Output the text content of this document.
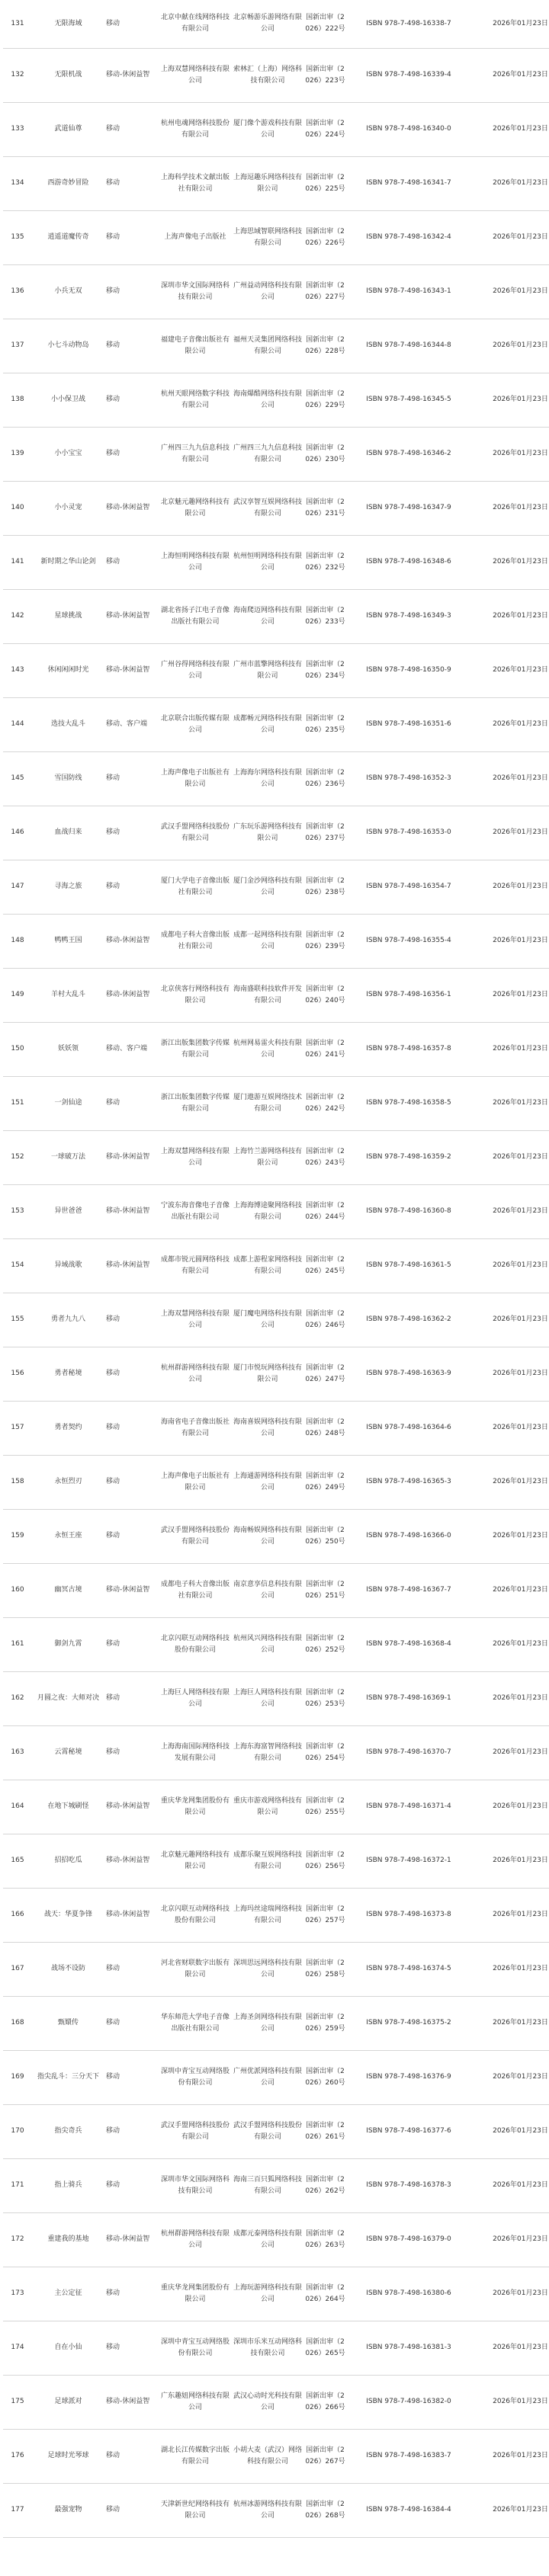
131	无限海域	移动	北京中献在线网络科技有限公司	北京畅游乐游网络有限公司	国新出审（2026）222号	ISBN 978-7-498-16338-7	2026年01月23日
132	无限机战	移动-休闲益智	上海双慧网络科技有限公司	索林汇（上海）网络科技有限公司	国新出审（2026）223号	ISBN 978-7-498-16339-4	2026年01月23日
133	武道仙尊	移动	杭州电魂网络科技股份有限公司	厦门像个游戏科技有限公司	国新出审（2026）224号	ISBN 978-7-498-16340-0	2026年01月23日
134	西游奇妙冒险	移动	上海科学技术文献出版社有限公司	上海逗趣乐网络科技有限公司	国新出审（2026）225号	ISBN 978-7-498-16341-7	2026年01月23日
135	逍遥道魔传奇	移动	上海声像电子出版社	上海思域智联网络科技有限公司	国新出审（2026）226号	ISBN 978-7-498-16342-4	2026年01月23日
136	小兵无双	移动	深圳市华文国际网络科技有限公司	广州益动网络科技有限公司	国新出审（2026）227号	ISBN 978-7-498-16343-1	2026年01月23日
137	小七斗动物岛	移动	福建电子音像出版社有限公司	福州天灵集团网络科技有限公司	国新出审（2026）228号	ISBN 978-7-498-16344-8	2026年01月23日
138	小小保卫战	移动	杭州天眼网络数字科技有限公司	海南爆酷网络科技有限公司	国新出审（2026）229号	ISBN 978-7-498-16345-5	2026年01月23日
139	小小宝宝	移动	广州四三九九信息科技有限公司	广州四三九九信息科技有限公司	国新出审（2026）230号	ISBN 978-7-498-16346-2	2026年01月23日
140	小小灵宠	移动-休闲益智	北京魅元趣网络科技有限公司	武汉享智互娱网络科技有限公司	国新出审（2026）231号	ISBN 978-7-498-16347-9	2026年01月23日
141	新时期之华山论剑	移动	上海恒明网络科技有限公司	杭州恒明网络科技有限公司	国新出审（2026）232号	ISBN 978-7-498-16348-6	2026年01月23日
142	星球挑战	移动-休闲益智	湖北省扬子江电子音像出版社有限公司	海南爬迈网络科技有限公司	国新出审（2026）233号	ISBN 978-7-498-16349-3	2026年01月23日
143	休闲闲闲时光	移动-休闲益智	广州谷得网络科技有限公司	广州市蓝擎网络科技有限公司	国新出审（2026）234号	ISBN 978-7-498-16350-9	2026年01月23日
144	选技大乱斗	移动、客户端	北京联合出版传媒有限公司	成都畅元网络科技有限公司	国新出审（2026）235号	ISBN 978-7-498-16351-6	2026年01月23日
145	雪国防线	移动	上海声像电子出版社有限公司	上海海尔网络科技有限公司	国新出审（2026）236号	ISBN 978-7-498-16352-3	2026年01月23日
146	血战归来	移动	武汉手盟网络科技股份有限公司	广东玩乐游网络科技有限公司	国新出审（2026）237号	ISBN 978-7-498-16353-0	2026年01月23日
147	寻海之旅	移动	厦门大学电子音像出版社有限公司	厦门金沙网络科技有限公司	国新出审（2026）238号	ISBN 978-7-498-16354-7	2026年01月23日
148	鸭鸭王国	移动-休闲益智	成都电子科大音像出版社有限公司	成都一起网络科技有限公司	国新出审（2026）239号	ISBN 978-7-498-16355-4	2026年01月23日
149	羊村大乱斗	移动-休闲益智	北京侠客行网络科技有限公司	海南盛联科技软件开发有限公司	国新出审（2026）240号	ISBN 978-7-498-16356-1	2026年01月23日
150	妖妖领	移动、客户端	浙江出版集团数字传媒有限公司	杭州网易雷火科技有限公司	国新出审（2026）241号	ISBN 978-7-498-16357-8	2026年01月23日
151	一剑仙途	移动	浙江出版集团数字传媒有限公司	厦门遨游互娱网络技术有限公司	国新出审（2026）242号	ISBN 978-7-498-16358-5	2026年01月23日
152	一球破万法	移动-休闲益智	上海双慧网络科技有限公司	上海竹兰游网络科技有限公司	国新出审（2026）243号	ISBN 978-7-498-16359-2	2026年01月23日
153	异世爸爸	移动-休闲益智	宁波东海音像电子音像出版社有限公司	上海海博途聚网络科技有限公司	国新出审（2026）244号	ISBN 978-7-498-16360-8	2026年01月23日
154	异域战歌	移动-休闲益智	成都市锐元圆网络科技有限公司	成都上游程家网络科技有限公司	国新出审（2026）245号	ISBN 978-7-498-16361-5	2026年01月23日
155	勇者九九八	移动	上海双慧网络科技有限公司	厦门魔电网络科技有限公司	国新出审（2026）246号	ISBN 978-7-498-16362-2	2026年01月23日
156	勇者秘境	移动	杭州群游网络科技有限公司	厦门市悦玩网络科技有限公司	国新出审（2026）247号	ISBN 978-7-498-16363-9	2026年01月23日
157	勇者契约	移动	海南省电子音像出版社有限公司	海南喜娱网络科技有限公司	国新出审（2026）248号	ISBN 978-7-498-16364-6	2026年01月23日
158	永恒烈刃	移动	上海声像电子出版社有限公司	上海通游网络科技有限公司	国新出审（2026）249号	ISBN 978-7-498-16365-3	2026年01月23日
159	永恒王座	移动	武汉手盟网络科技股份有限公司	海南畅娱网络科技有限公司	国新出审（2026）250号	ISBN 978-7-498-16366-0	2026年01月23日
160	幽冥古境	移动-休闲益智	成都电子科大音像出版社有限公司	南京意享信息科技有限公司	国新出审（2026）251号	ISBN 978-7-498-16367-7	2026年01月23日
161	御剑九霄	移动	北京闪联互动网络科技股份有限公司	杭州风兴网络科技有限公司	国新出审（2026）252号	ISBN 978-7-498-16368-4	2026年01月23日
162	月圆之夜：大师对决	移动	上海巨人网络科技有限公司	上海巨人网络科技有限公司	国新出审（2026）253号	ISBN 978-7-498-16369-1	2026年01月23日
163	云霄秘境	移动	上海海南国际网络科技发展有限公司	上海东海富智网络科技有限公司	国新出审（2026）254号	ISBN 978-7-498-16370-7	2026年01月23日
164	在地下城刷怪	移动-休闲益智	重庆华龙网集团股份有限公司	重庆市游戏网络科技有限公司	国新出审（2026）255号	ISBN 978-7-498-16371-4	2026年01月23日
165	招招吃瓜	移动-休闲益智	北京魅元趣网络科技有限公司	成都乐聚互娱网络科技有限公司	国新出审（2026）256号	ISBN 978-7-498-16372-1	2026年01月23日
166	战天：华夏争锋	移动-休闲益智	北京闪联互动网络科技股份有限公司	上海玛丝途瑞网络科技有限公司	国新出审（2026）257号	ISBN 978-7-498-16373-8	2026年01月23日
167	战场不设防	移动	河北省财联数字出版有限公司	深圳思远网络科技有限公司	国新出审（2026）258号	ISBN 978-7-498-16374-5	2026年01月23日
168	甄嬛传	移动	华东师范大学电子音像出版社有限公司	上海圣剑网络科技有限公司	国新出审（2026）259号	ISBN 978-7-498-16375-2	2026年01月23日
169	指尖乱斗：三分天下	移动	深圳中青宝互动网络股份有限公司	广州优派网络科技有限公司	国新出审（2026）260号	ISBN 978-7-498-16376-9	2026年01月23日
170	指尖奇兵	移动	武汉手盟网络科技股份有限公司	武汉手盟网络科技股份有限公司	国新出审（2026）261号	ISBN 978-7-498-16377-6	2026年01月23日
171	指上骑兵	移动	深圳市华文国际网络科技有限公司	海南三百只狐网络科技有限公司	国新出审（2026）262号	ISBN 978-7-498-16378-3	2026年01月23日
172	重建我的基地	移动-休闲益智	杭州群游网络科技有限公司	成都元泰网络科技有限公司	国新出审（2026）263号	ISBN 978-7-498-16379-0	2026年01月23日
173	主公定征	移动	重庆华龙网集团股份有限公司	上海玩游网络科技有限公司	国新出审（2026）264号	ISBN 978-7-498-16380-6	2026年01月23日
174	自在小仙	移动	深圳中青宝互动网络股份有限公司	深圳市乐米互动网络科技有限公司	国新出审（2026）265号	ISBN 978-7-498-16381-3	2026年01月23日
175	足球派对	移动-休闲益智	广东趣妞网络科技有限公司	武汉心动时光科技有限公司	国新出审（2026）266号	ISBN 978-7-498-16382-0	2026年01月23日
176	足球时光琴球	移动	湖北长江传媒数字出版有限公司	小胡大麦（武汉）网络科技有限公司	国新出审（2026）267号	ISBN 978-7-498-16383-7	2026年01月23日
177	最强宠物	移动	天津新世纪网络科技有限公司	杭州冰游网络科技有限公司	国新出审（2026）268号	ISBN 978-7-498-16384-4	2026年01月23日
